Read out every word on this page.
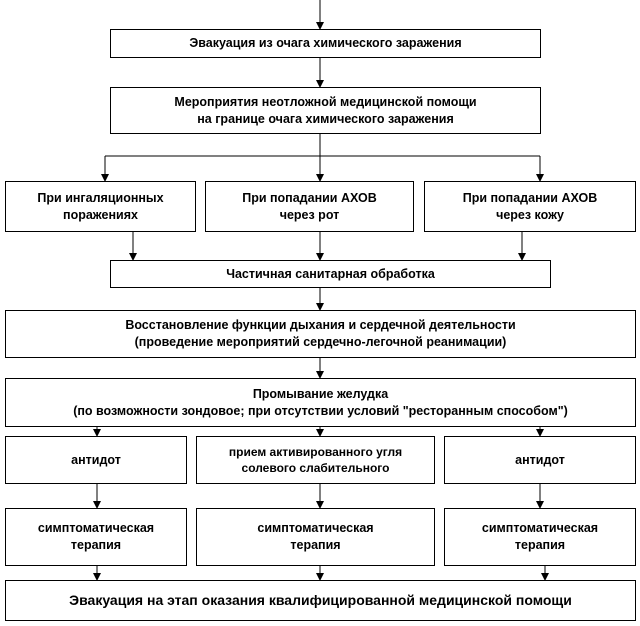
Эвакуация из очага химического заражения
Мероприятия неотложной медицинской помощи
на границе очага химического заражения
При ингаляционных
поражениях
При попадании АХОВ
через рот
При попадании АХОВ
через кожу
Частичная санитарная обработка
Восстановление функции дыхания и сердечной деятельности
(проведение мероприятий сердечно-легочной реанимации)
Промывание желудка
(по возможности зондовое; при отсутствии условий "ресторанным способом")
антидот
прием активированного угля
солевого слабительного
антидот
симптоматическая
терапия
симптоматическая
терапия
симптоматическая
терапия
Эвакуация на этап оказания квалифицированной медицинской помощи
